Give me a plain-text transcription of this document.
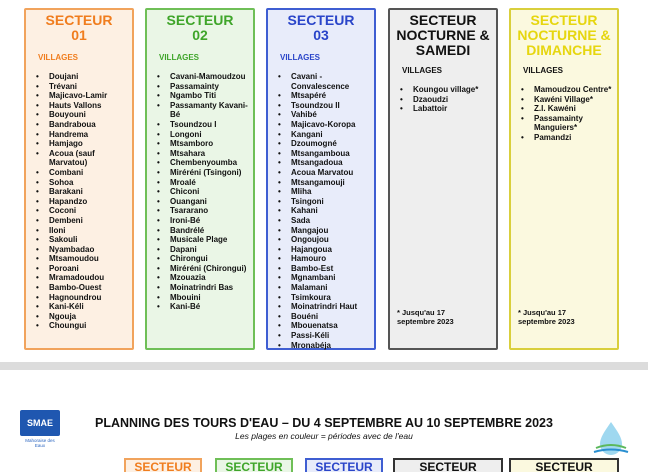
SECTEUR
01
VILLAGES
• Doujani
• Trévani
• Majicavo-Lamir
• Hauts Vallons
• Bouyouni
• Bandraboua
• Handrema
• Hamjago
• Acoua (sauf Marvatou)
• Combani
• Sohoa
• Barakani
• Hapandzo
• Coconi
• Dembeni
• Iloni
• Sakouli
• Nyambadao
• Mtsamoudou
• Poroani
• Mramadoudou
• Bambo-Ouest
• Hagnoundrou
• Kani-Kéli
• Ngouja
• Choungui
SECTEUR
02
VILLAGES
• Cavani-Mamoudzou
• Passamainty
• Ngambo Titi
• Passamanty Kavani-Bé
• Tsoundzou I
• Longoni
• Mtsamboro
• Mtsahara
• Chembenyoumba
• Miréréni (Tsingoni)
• Mroalé
• Chiconi
• Ouangani
• Tsararano
• Ironi-Bé
• Bandrélé
• Musicale Plage
• Dapani
• Chirongui
• Miréréni (Chirongui)
• Mzouazia
• Moinatrindri Bas
• Mbouini
• Kani-Bé
SECTEUR
03
VILLAGES
• Cavani - Convalescence
• Mtsapéré
• Tsoundzou II
• Vahibé
• Majicavo-Koropa
• Kangani
• Dzoumogné
• Mtsangamboua
• Mtsangadoua
• Acoua Marvatou
• Mtsangamouji
• Mliha
• Tsingoni
• Kahani
• Sada
• Mangajou
• Ongoujou
• Hajangoua
• Hamouro
• Bambo-Est
• Mgnambani
• Malamani
• Tsimkoura
• Moinatrindri Haut
• Bouéni
• Mbouenatsa
• Passi-Kéli
• Mronabéja
SECTEUR
NOCTURNE &
SAMEDI
VILLAGES
• Koungou village*
• Dzaoudzi
• Labattoir
* Jusqu'au 17
septembre 2023
SECTEUR
NOCTURNE &
DIMANCHE
VILLAGES
• Mamoudzou Centre*
• Kawéni Village*
• Z.I. Kawéni
• Passamainty Manguiers*
• Pamandzi
* Jusqu'au 17
septembre 2023
SMAE
Mahoraise des Eaux
PLANNING DES TOURS D'EAU – DU 4 SEPTEMBRE AU 10 SEPTEMBRE 2023
Les plages en couleur = périodes avec de l'eau
SECTEUR	SECTEUR	SECTEUR	SECTEUR	SECTEUR
